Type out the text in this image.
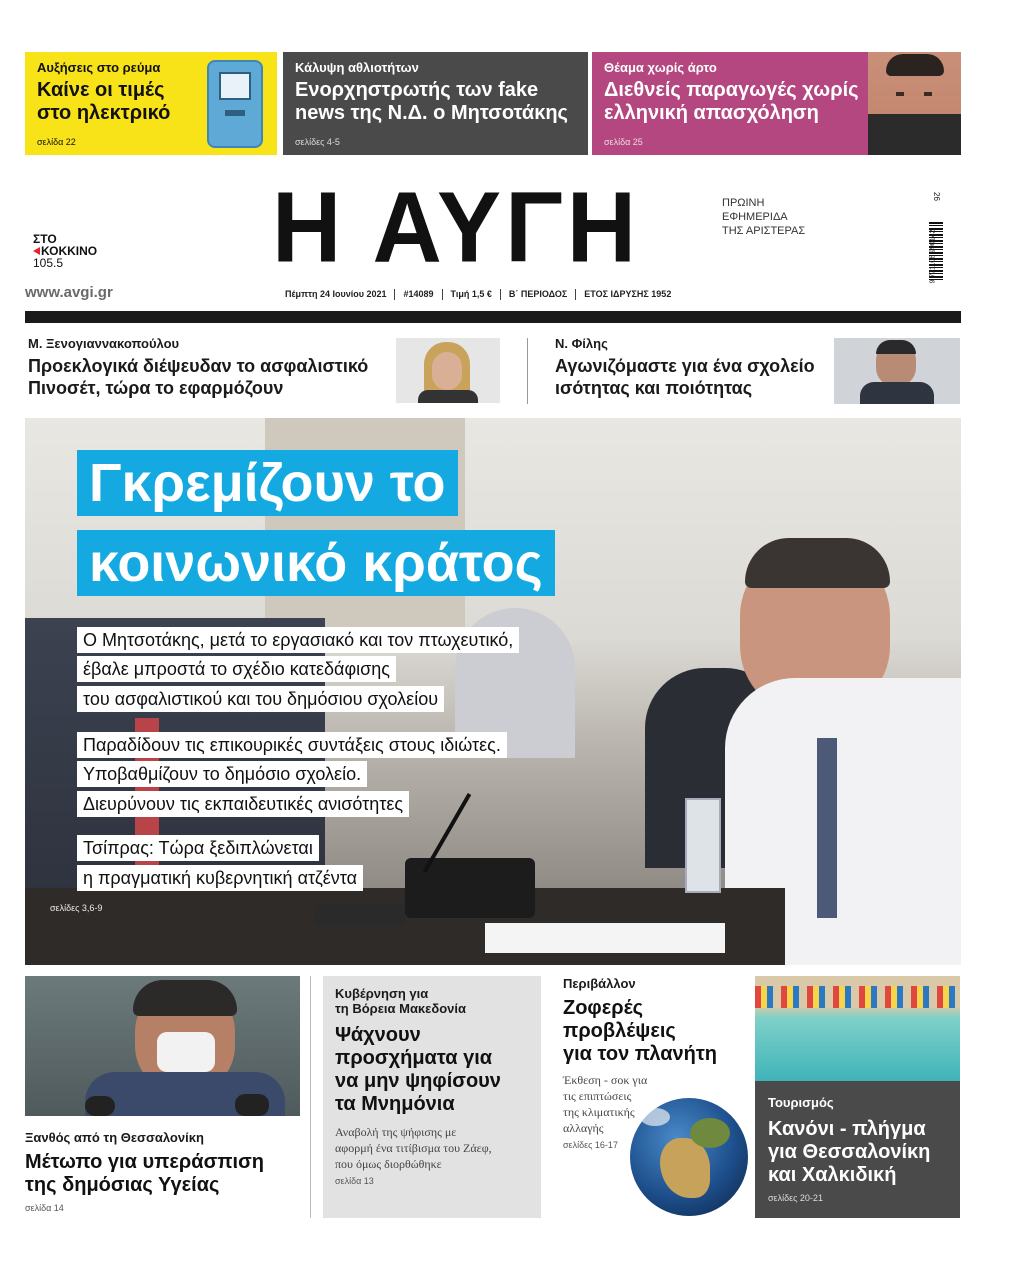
Αυξήσεις στο ρεύμα
Καίνε οι τιμές
στο ηλεκτρικό
σελίδα 22
Κάλυψη αθλιοτήτων
Ενορχηστρωτής των fake
news της Ν.Δ. ο Μητσοτάκης
σελίδες 4-5
Θέαμα χωρίς άρτο
Διεθνείς παραγωγές χωρίς
ελληνική απασχόληση
σελίδα 25
ΣΤΟ
ΚΟΚΚΙΝΟ
105.5
www.avgi.gr
Η ΑΥΓΗ	ΠΡΩΙΝΗ
ΕΦΗΜΕΡΙΔΑ
ΤΗΣ ΑΡΙΣΤΕΡΑΣ
26
9 771108 990142
Πέμπτη 24 Ιουνίου 2021 #14089 Τιμή 1,5 € Β΄ ΠΕΡΙΟΔΟΣ ΕΤΟΣ ΙΔΡΥΣΗΣ 1952
Μ. Ξενογιαννακοπούλου
Προεκλογικά διέψευδαν το ασφαλιστικό
Πινοσέτ, τώρα το εφαρμόζουν
Ν. Φίλης
Αγωνιζόμαστε για ένα σχολείο
ισότητας και ποιότητας
Γκρεμίζουν το
κοινωνικό κράτος
Ο Μητσοτάκης, μετά το εργασιακό και τον πτωχευτικό,
έβαλε μπροστά το σχέδιο κατεδάφισης
του ασφαλιστικού και του δημόσιου σχολείου
Παραδίδουν τις επικουρικές συντάξεις στους ιδιώτες.
Υποβαθμίζουν το δημόσιο σχολείο.
Διευρύνουν τις εκπαιδευτικές ανισότητες
Τσίπρας: Τώρα ξεδιπλώνεται
η πραγματική κυβερνητική ατζέντα
σελίδες 3,6-9
Ξανθός από τη Θεσσαλονίκη
Μέτωπο για υπεράσπιση
της δημόσιας Υγείας
σελίδα 14
Κυβέρνηση για
τη Βόρεια Μακεδονία
Ψάχνουν
προσχήματα για
να μην ψηφίσουν
τα Μνημόνια
Αναβολή της ψήφισης με
αφορμή ένα τιτίβισμα του Ζάεφ,
που όμως διορθώθηκε
σελίδα 13
Περιβάλλον
Ζοφερές
προβλέψεις
για τον πλανήτη
Έκθεση - σοκ για
τις επιπτώσεις
της κλιματικής
αλλαγής
σελίδες 16-17
Τουρισμός
Κανόνι - πλήγμα
για Θεσσαλονίκη
και Χαλκιδική
σελίδες 20-21
